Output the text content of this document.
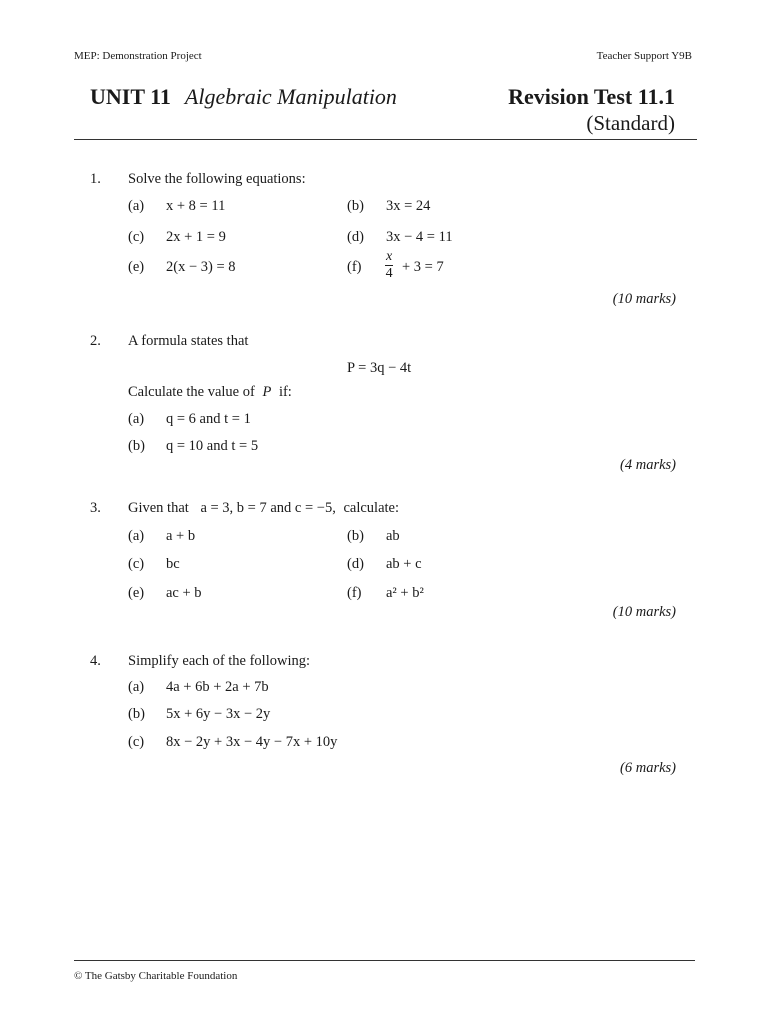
MEP: Demonstration Project	Teacher Support Y9B
UNIT 11 Algebraic Manipulation	Revision Test 11.1
(Standard)
1. Solve the following equations:
(a) x + 8 = 11	(b) 3x = 24
(c) 2x + 1 = 9	(d) 3x − 4 = 11
(e) 2(x − 3) = 8	$(f) \frac{x}{4} + 3 = 7$
(10 marks)
2. A formula states that
P = 3q − 4t
Calculate the value of P if:
(a) q = 6 and t = 1
(b) q = 10 and t = 5
(4 marks)
3. Given that a = 3, b = 7 and c = −5, calculate:
(a) a + b	(b) ab
(c) bc	(d) ab + c
(e) ac + b	(f) a² + b²
(10 marks)
4. Simplify each of the following:
(a) 4a + 6b + 2a + 7b
(b) 5x + 6y − 3x − 2y
(c) 8x − 2y + 3x − 4y − 7x + 10y
(6 marks)
© The Gatsby Charitable Foundation
